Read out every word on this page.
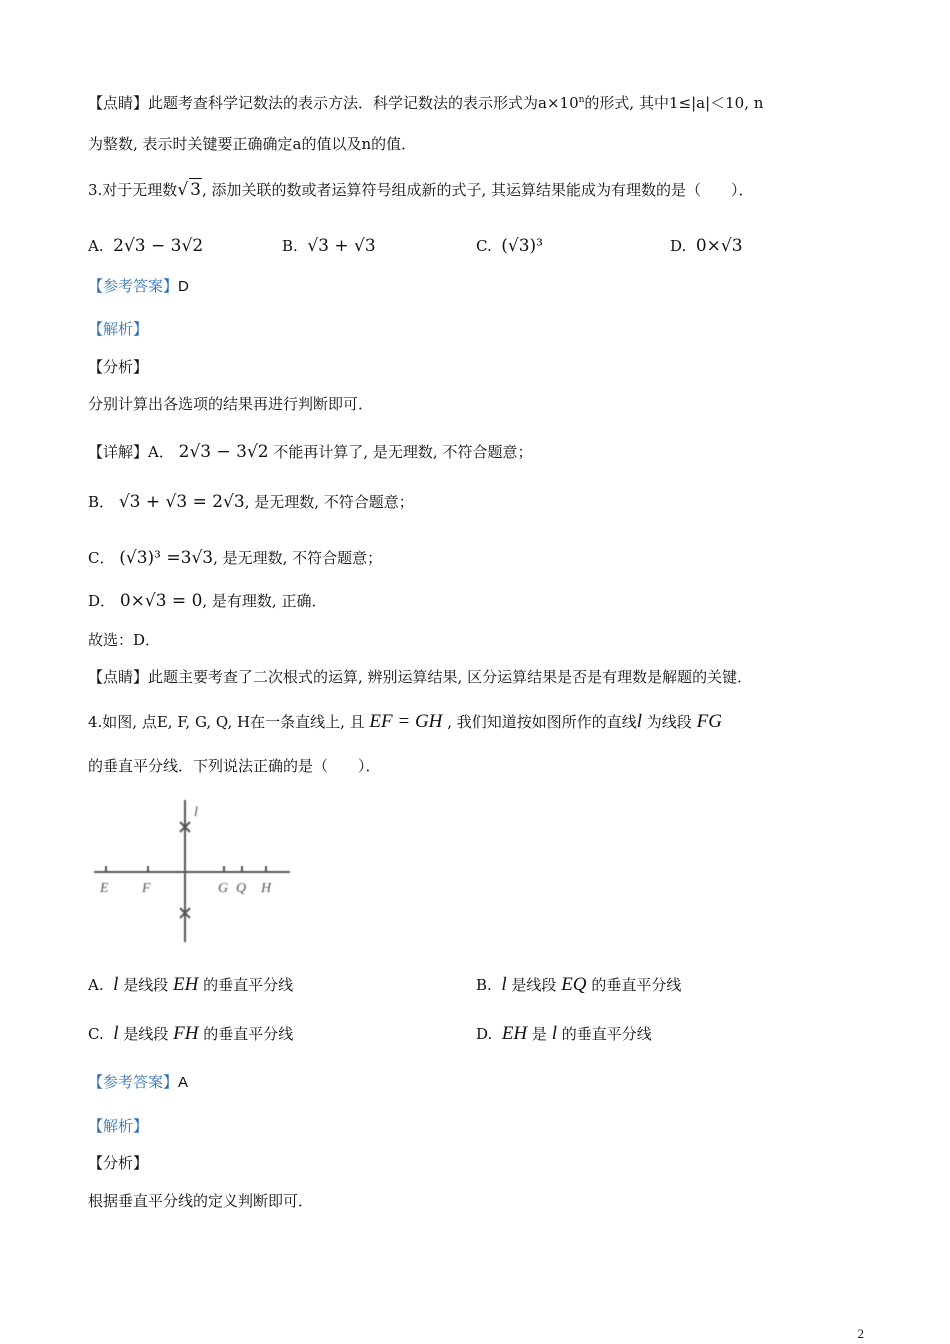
【点睛】此题考查科学记数法的表示方法．科学记数法的表示形式为$a\times 10^n$的形式, 其中1≤|a|＜10, n
为整数, 表示时关键要正确确定a的值以及n的值．
3.对于无理数√ 3, 添加关联的数或者运算符号组成新的式子, 其运算结果能成为有理数的是（　　）．
A. 2√3 − 3√2	B. √3 + √3	C. (√3)³	D. 0×√3
【参考答案】D
【解析】
【分析】
分别计算出各选项的结果再进行判断即可．
【详解】A． 2√3 − 3√2 不能再计算了, 是无理数, 不符合题意；
B． √3 + √3 = 2√3, 是无理数, 不符合题意；
C． (√3)³ =3√3, 是无理数, 不符合题意；
D． 0×√3 = 0, 是有理数, 正确．
故选：D．
【点睛】此题主要考查了二次根式的运算, 辨别运算结果, 区分运算结果是否是有理数是解题的关键．
4.如图, 点E, F, G, Q, H在一条直线上, 且 EF = GH , 我们知道按如图所作的直线l 为线段 FG
的垂直平分线．下列说法正确的是（　　）．
l
E F	G Q H
A. l 是线段 EH 的垂直平分线	B. l 是线段 EQ 的垂直平分线
C. l 是线段 FH 的垂直平分线	D. EH 是 l 的垂直平分线
【参考答案】A
【解析】
【分析】
根据垂直平分线的定义判断即可．
2
